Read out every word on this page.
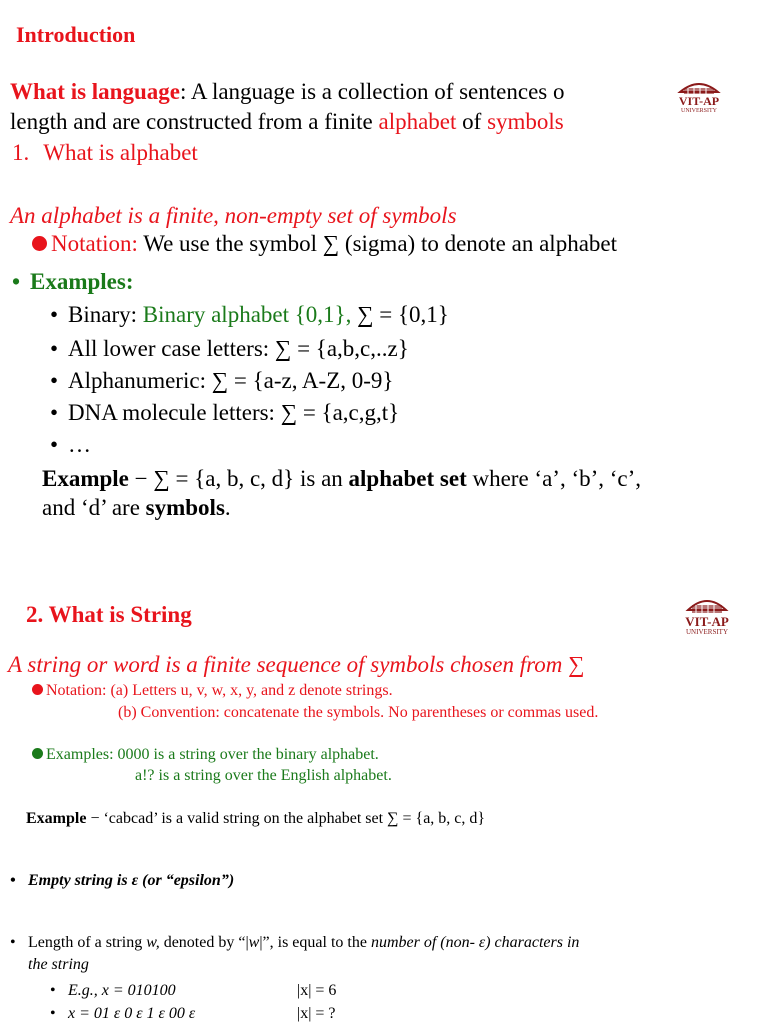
Introduction
What is language: A language is a collection of sentences o
length and are constructed from a finite alphabet of symbols
VIT-AP
UNIVERSITY
1. What is alphabet
An alphabet is a finite, non-empty set of symbols
Notation: We use the symbol ∑ (sigma) to denote an alphabet
• Examples:
• Binary: Binary alphabet {0,1}, ∑ = {0,1}
• All lower case letters: ∑ = {a,b,c,..z}
• Alphanumeric: ∑ = {a-z, A-Z, 0-9}
• DNA molecule letters: ∑ = {a,c,g,t}
• …
Example − ∑ = {a, b, c, d} is an alphabet set where ‘a’, ‘b’, ‘c’,
and ‘d’ are symbols.
2. What is String	VIT-AP
UNIVERSITY
A string or word is a finite sequence of symbols chosen from ∑
Notation: (a) Letters u, v, w, x, y, and z denote strings.
(b) Convention: concatenate the symbols. No parentheses or commas used.
Examples: 0000 is a string over the binary alphabet.
a!? is a string over the English alphabet.
Example − ‘cabcad’ is a valid string on the alphabet set ∑ = {a, b, c, d}
• Empty string is ε (or “epsilon”)
• Length of a string w, denoted by “|w|”, is equal to the number of (non- ε) characters in
the string
• E.g., x = 010100	|x| = 6
• x = 01 ε 0 ε 1 ε 00 ε	|x| = ?
